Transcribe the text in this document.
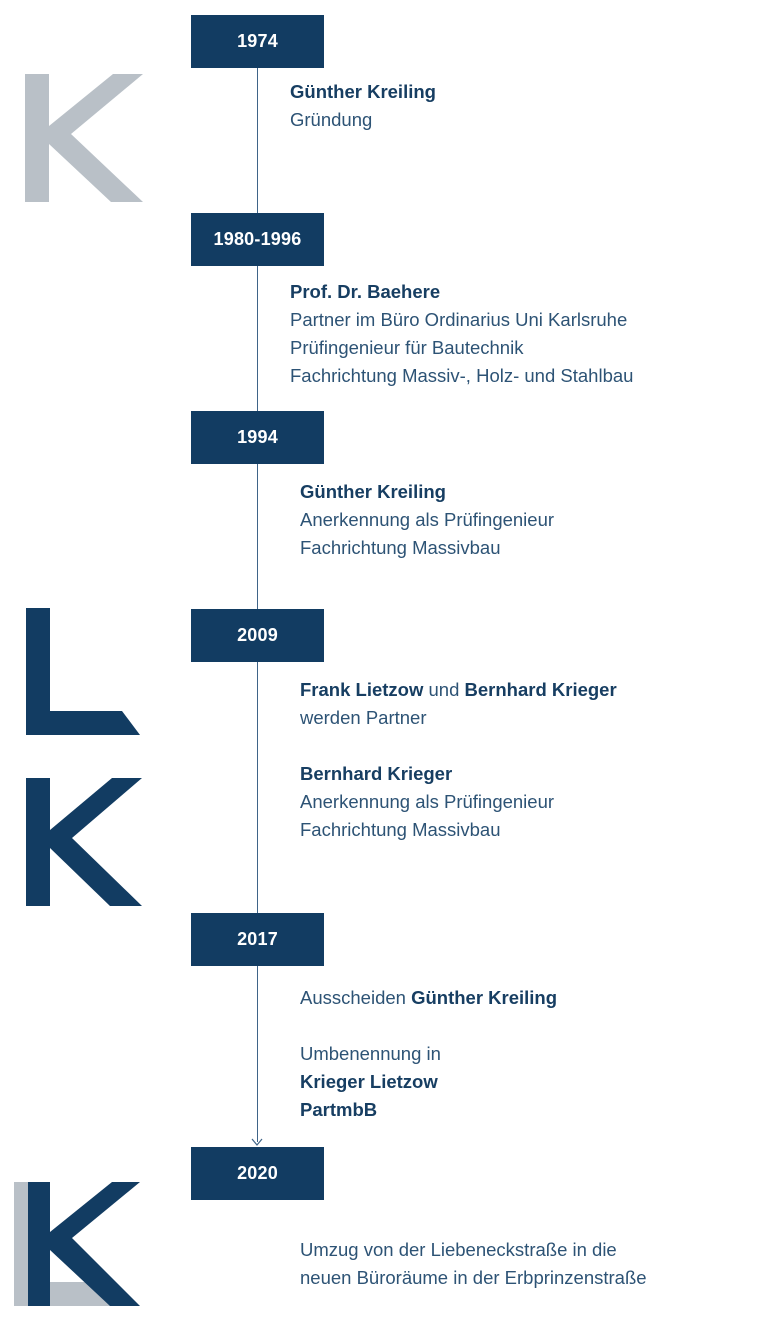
1974
Günther Kreiling
Gründung
1980-1996
Prof. Dr. Baehere
Partner im Büro Ordinarius Uni Karlsruhe
Prüfingenieur für Bautechnik
Fachrichtung Massiv-, Holz- und Stahlbau
1994
Günther Kreiling
Anerkennung als Prüfingenieur
Fachrichtung Massivbau
2009
Frank Lietzow und Bernhard Krieger
werden Partner
Bernhard Krieger
Anerkennung als Prüfingenieur
Fachrichtung Massivbau
2017
Ausscheiden Günther Kreiling
Umbenennung in
Krieger Lietzow
PartmbB
2020
Umzug von der Liebeneckstraße in die
neuen Büroräume in der Erbprinzenstraße
